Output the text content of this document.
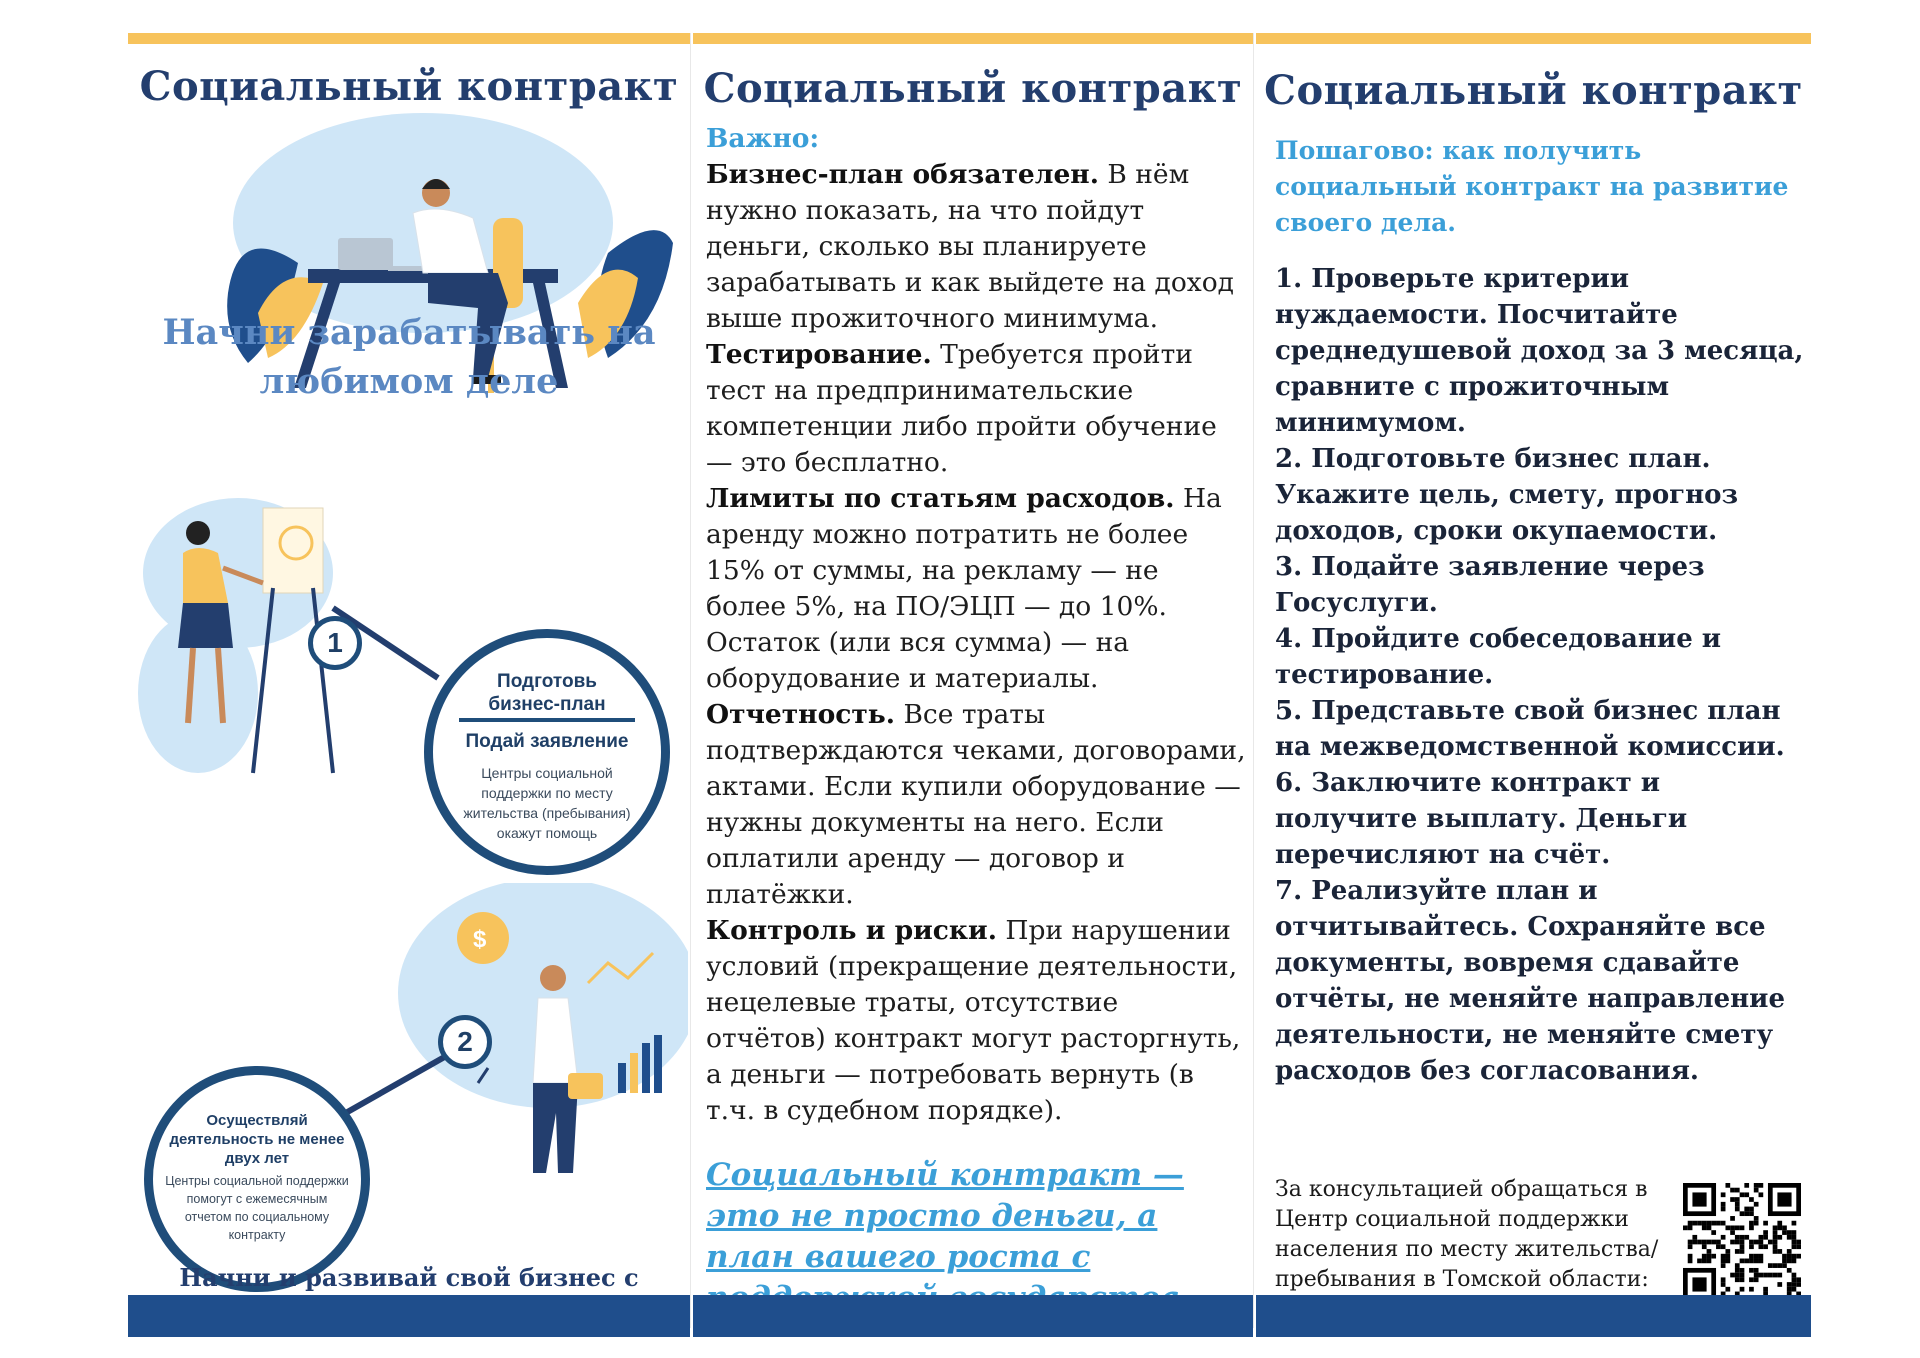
Социальный контракт
Начни зарабатывать на любимом деле
1
Подготовь бизнес-план
Подай заявление
Центры социальной поддержки по месту жительства (пребывания) окажут помощь
$
2
Осуществляй деятельность не менее двух лет
Центры социальной поддержки помогут с ежемесячным отчетом по социальному контракту
Начни и развивай свой бизнес с
Социальный контракт
Важно:
Бизнес-план обязателен. В нём нужно показать, на что пойдут деньги, сколько вы планируете зарабатывать и как выйдете на доход выше прожиточного минимума.
Тестирование. Требуется пройти тест на предпринимательские компетенции либо пройти обучение — это бесплатно.
Лимиты по статьям расходов. На аренду можно потратить не более 15% от суммы, на рекламу — не более 5%, на ПО/ЭЦП — до 10%. Остаток (или вся сумма) — на оборудование и материалы.
Отчетность. Все траты подтверждаются чеками, договорами, актами. Если купили оборудование — нужны документы на него. Если оплатили аренду — договор и платёжки.
Контроль и риски. При нарушении условий (прекращение деятельности, нецелевые траты, отсутствие отчётов) контракт могут расторгнуть, а деньги — потребовать вернуть (в т.ч. в судебном порядке).
Социальный контракт — это не просто деньги, а план вашего роста с
Социальный контракт
Пошагово: как получить социальный контракт на развитие своего дела.
1. Проверьте критерии нуждаемости. Посчитайте среднедушевой доход за 3 месяца, сравните с прожиточным минимумом.
2. Подготовьте бизнес план. Укажите цель, смету, прогноз доходов, сроки окупаемости.
3. Подайте заявление через Госуслуги.
4. Пройдите собеседование и тестирование.
5. Представьте свой бизнес план на межведомственной комиссии.
6. Заключите контракт и получите выплату. Деньги перечисляют на счёт.
7. Реализуйте план и отчитывайтесь. Сохраняйте все документы, вовремя сдавайте отчёты, не меняйте направление деятельности, не меняйте смету расходов без согласования.
За консультацией обращаться в Центр социальной поддержки населения по месту жительства/ пребывания в Томской области:
